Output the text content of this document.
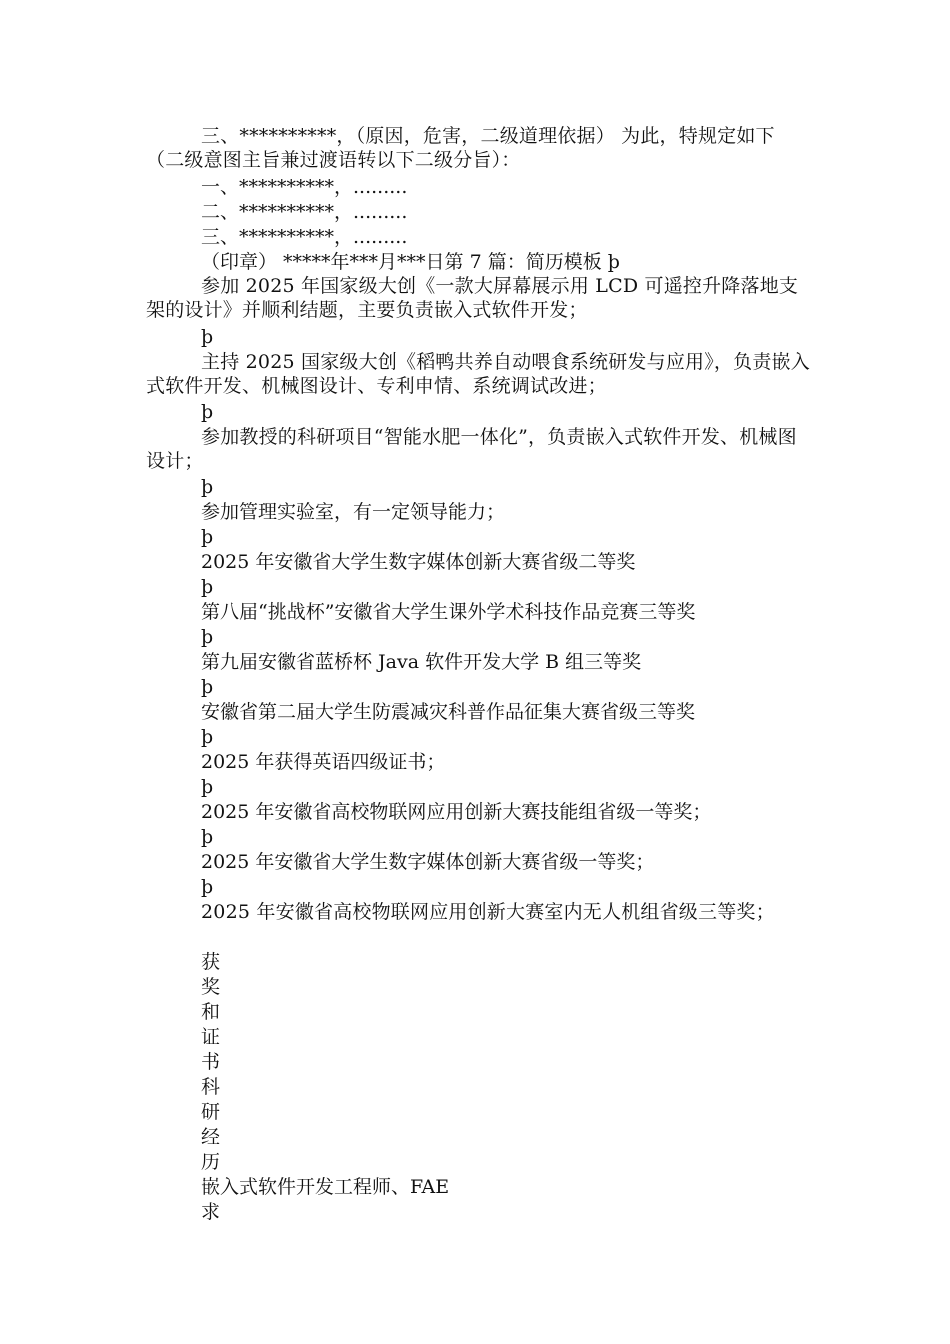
三、**********，（原因，危害，二级道理依据） 为此，特规定如下（二级意图主旨兼过渡语转以下二级分旨）：
一、**********，.........
二、**********，.........
三、**********，.........
（印章） *****年***月***日第 7 篇：简历模板 þ
参加 2025 年国家级大创《一款大屏幕展示用 LCD 可遥控升降落地支架的设计》并顺利结题，主要负责嵌入式软件开发；
þ
主持 2025 国家级大创《稻鸭共养自动喂食系统研发与应用》，负责嵌入式软件开发、机械图设计、专利申情、系统调试改进；
þ
参加教授的科研项目“智能水肥一体化”，负责嵌入式软件开发、机械图设计；
þ
参加管理实验室，有一定领导能力；
þ
2025 年安徽省大学生数字媒体创新大赛省级二等奖
þ
第八届“挑战杯”安徽省大学生课外学术科技作品竞赛三等奖
þ
第九届安徽省蓝桥杯 Java 软件开发大学 B 组三等奖
þ
安徽省第二届大学生防震减灾科普作品征集大赛省级三等奖
þ
2025 年获得英语四级证书；
þ
2025 年安徽省高校物联网应用创新大赛技能组省级一等奖；
þ
2025 年安徽省大学生数字媒体创新大赛省级一等奖；
þ
2025 年安徽省高校物联网应用创新大赛室内无人机组省级三等奖；
获
奖
和
证
书
科
研
经
历
嵌入式软件开发工程师、FAE
求
